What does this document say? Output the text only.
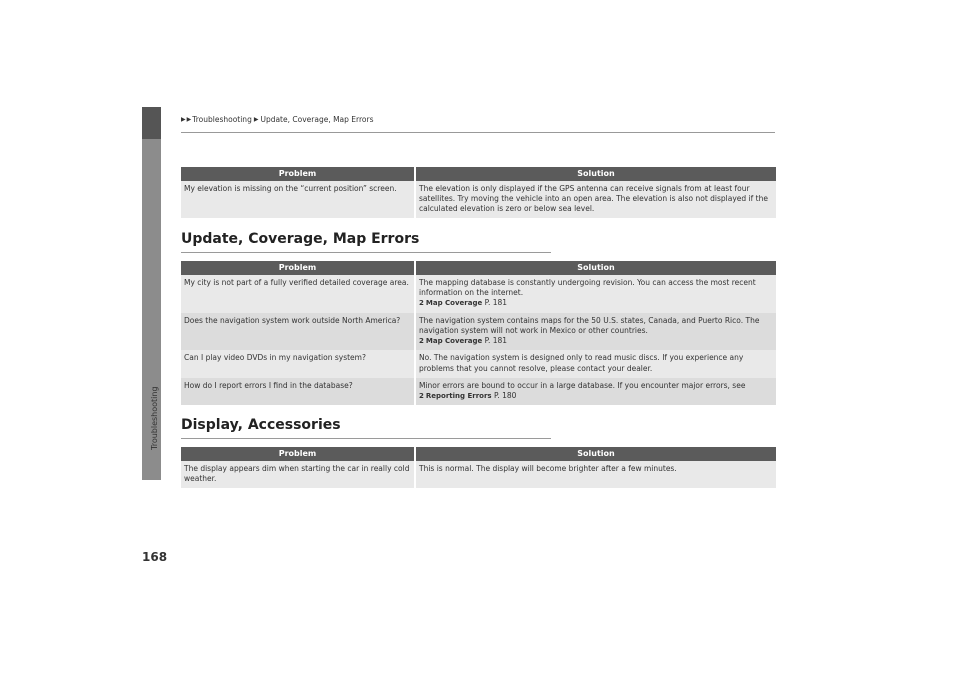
Troubleshooting
168
▶ ▶ Troubleshooting ▶ Update, Coverage, Map Errors
Problem	Solution
My elevation is missing on the “current position” screen.	The elevation is only displayed if the GPS antenna can receive signals from at least four satellites. Try moving the vehicle into an open area. The elevation is also not displayed if the calculated elevation is zero or below sea level.
Update, Coverage, Map Errors
Problem	Solution
My city is not part of a fully verified detailed coverage area.	The mapping database is constantly undergoing revision. You can access the most recent information on the internet.
2 Map Coverage P. 181
Does the navigation system work outside North America?	The navigation system contains maps for the 50 U.S. states, Canada, and Puerto Rico. The navigation system will not work in Mexico or other countries.
2 Map Coverage P. 181
Can I play video DVDs in my navigation system?	No. The navigation system is designed only to read music discs. If you experience any problems that you cannot resolve, please contact your dealer.
How do I report errors I find in the database?	Minor errors are bound to occur in a large database. If you encounter major errors, see
2 Reporting Errors P. 180
Display, Accessories
Problem	Solution
The display appears dim when starting the car in really cold weather.	This is normal. The display will become brighter after a few minutes.
